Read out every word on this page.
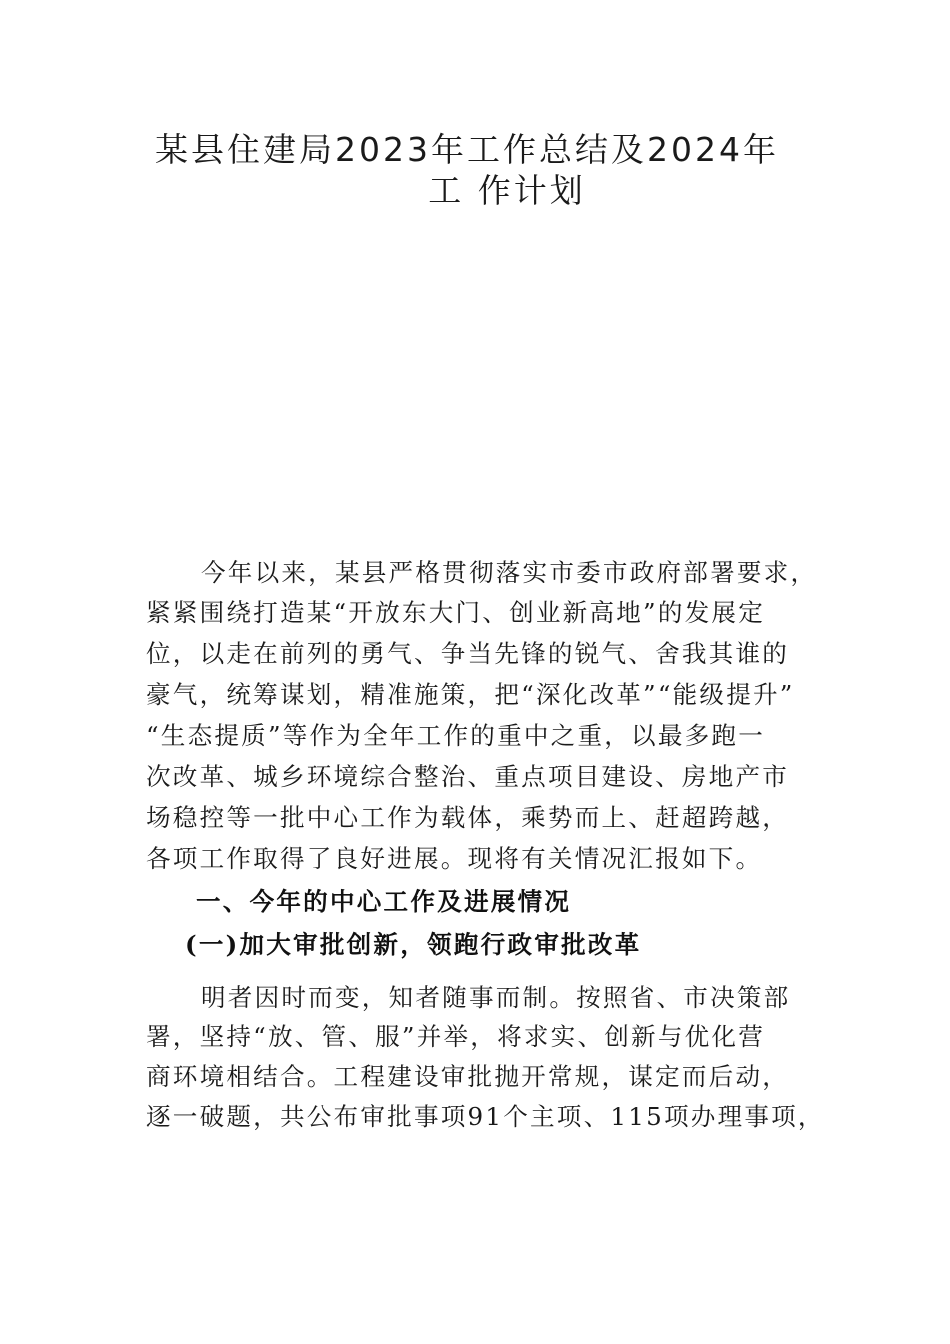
某县住建局2023年工作总结及2024年
工 作计划
今年以来，某县严格贯彻落实市委市政府部署要求，
紧紧围绕打造某“开放东大门、创业新高地”的发展定
位，以走在前列的勇气、争当先锋的锐气、舍我其谁的
豪气，统筹谋划，精准施策，把“深化改革”“能级提升”
“生态提质”等作为全年工作的重中之重，以最多跑一
次改革、城乡环境综合整治、重点项目建设、房地产市
场稳控等一批中心工作为载体，乘势而上、赶超跨越，
各项工作取得了良好进展。现将有关情况汇报如下。
一、今年的中心工作及进展情况
(一)加大审批创新，领跑行政审批改革
明者因时而变，知者随事而制。按照省、市决策部
署，坚持“放、管、服”并举，将求实、创新与优化营
商环境相结合。工程建设审批抛开常规，谋定而后动，
逐一破题，共公布审批事项91个主项、115项办理事项，
